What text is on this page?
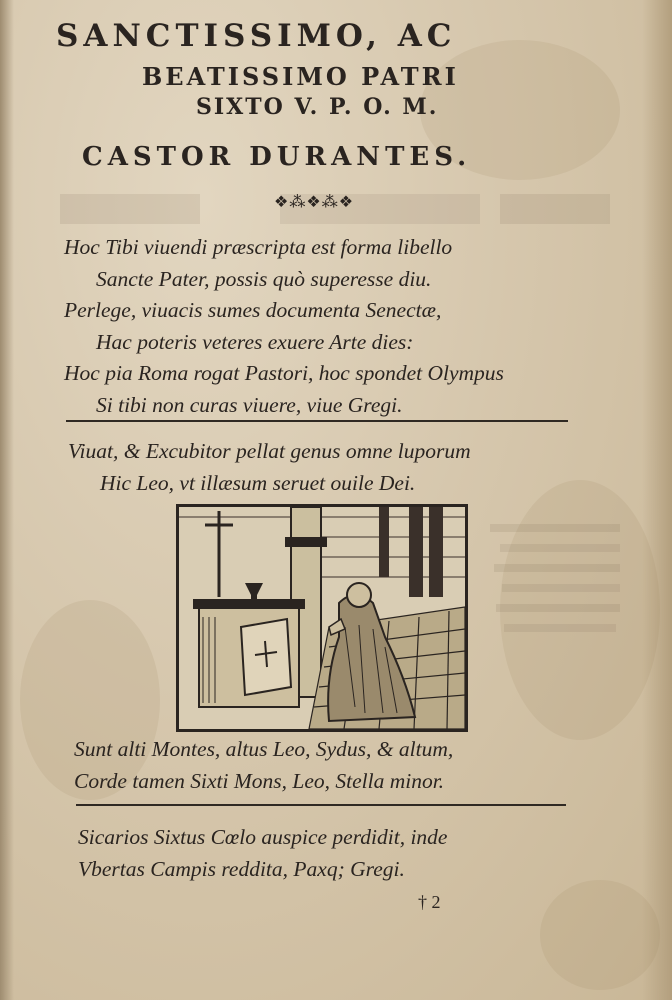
SANCTISSIMO, AC
BEATISSIMO PATRI
SIXTO V. P. O. M.
CASTOR DURANTES.
❖⁂❖⁂❖
Hoc Tibi viuendi præscripta est forma libello
Sancte Pater, possis quò superesse diu.
Perlege, viuacis sumes documenta Senectæ,
Hac poteris veteres exuere Arte dies:
Hoc pia Roma rogat Pastori, hoc spondet Olympus
Si tibi non curas viuere, viue Gregi.
Viuat, & Excubitor pellat genus omne luporum
Hic Leo, vt illæsum seruet ouile Dei.
Sunt alti Montes, altus Leo, Sydus, & altum,
Corde tamen Sixti Mons, Leo, Stella minor.
Sicarios Sixtus Cœlo auspice perdidit, inde
Vbertas Campis reddita, Paxq; Gregi.
† 2
